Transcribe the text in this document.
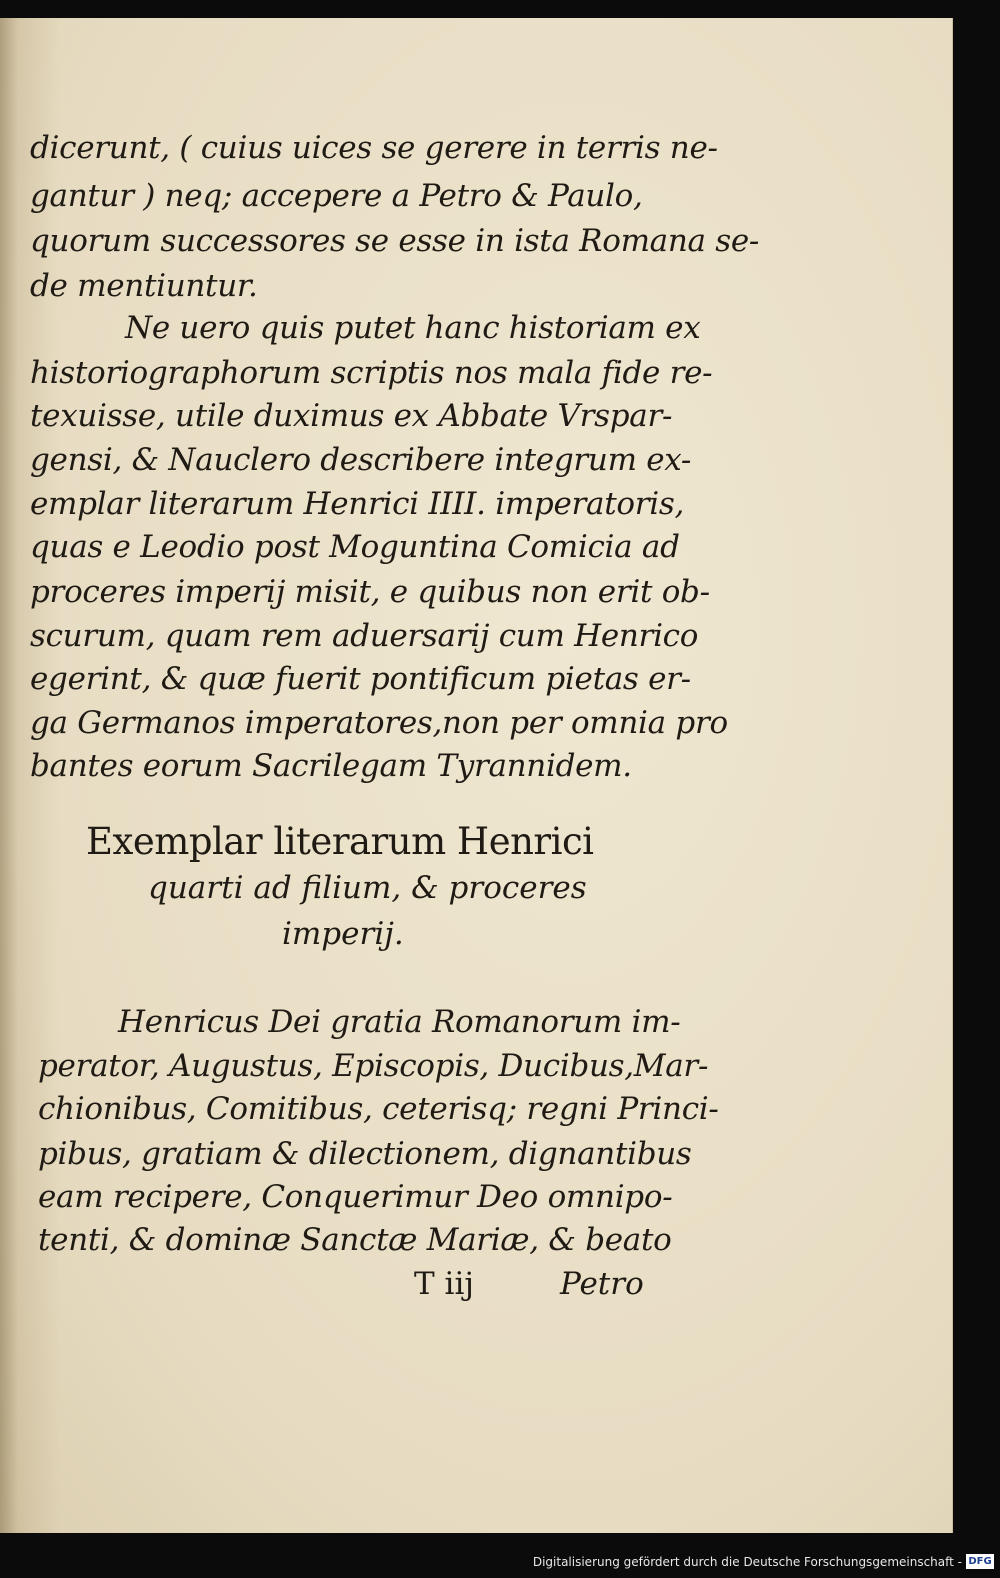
dicerunt, ( cuius uices se gerere in terris ne-
gantur ) neq; accepere a Petro & Paulo,
quorum successores se esse in ista Romana se-
de mentiuntur.
Ne uero quis putet hanc historiam ex
historiographorum scriptis nos mala fide re-
texuisse, utile duximus ex Abbate Vrspar-
gensi, & Nauclero describere integrum ex-
emplar literarum Henrici IIII. imperatoris,
quas e Leodio post Moguntina Comicia ad
proceres imperij misit, e quibus non erit ob-
scurum, quam rem aduersarij cum Henrico
egerint, & quæ fuerit pontificum pietas er-
ga Germanos imperatores,non per omnia pro
bantes eorum Sacrilegam Tyrannidem.
Exemplar literarum Henrici
quarti ad filium, & proceres
imperij.
Henricus Dei gratia Romanorum im-
perator, Augustus, Episcopis, Ducibus,Mar-
chionibus, Comitibus, ceterisq; regni Princi-
pibus, gratiam & dilectionem, dignantibus
eam recipere, Conquerimur Deo omnipo-
tenti, & dominæ Sanctæ Mariæ, & beato
T iij	Petro
Digitalisierung gefördert durch die Deutsche Forschungsgemeinschaft - DFG
